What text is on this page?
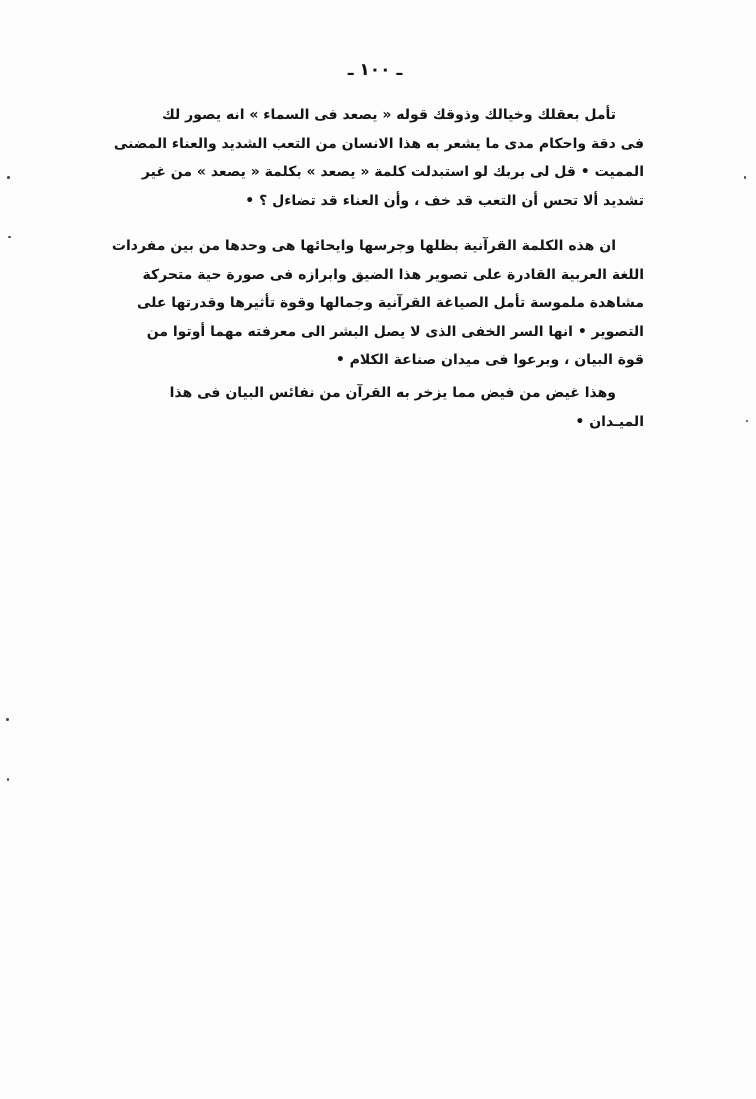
ـ ١٠٠ ـ

تأمل بعقلك وخيالك وذوقك قوله « يصعد فى السماء » انه يصور لك
فى دقة واحكام مدى ما يشعر به هذا الانسان من التعب الشديد والعناء المضنى
المميت • قل لى بربك لو استبدلت كلمة « يصعد » بكلمة « يصعد » من غير
تشديد ألا تحس أن التعب قد خف ، وأن العناء قد تضاءل ؟ •

ان هذه الكلمة القرآنية بظلها وجرسها وايحائها هى وحدها من بين مفردات
اللغة العربية القادرة على تصوير هذا الضيق وابرازه فى صورة حية متحركة
مشاهدة ملموسة تأمل الصياغة القرآنية وجمالها وقوة تأثيرها وقدرتها على
التصوير • انها السر الخفى الذى لا يصل البشر الى معرفته مهما أوتوا من
قوة البيان ، وبرعوا فى ميدان صناعة الكلام •

وهذا غيض من فيض مما يزخر به القرآن من نفائس البيان فى هذا
الميـدان •
